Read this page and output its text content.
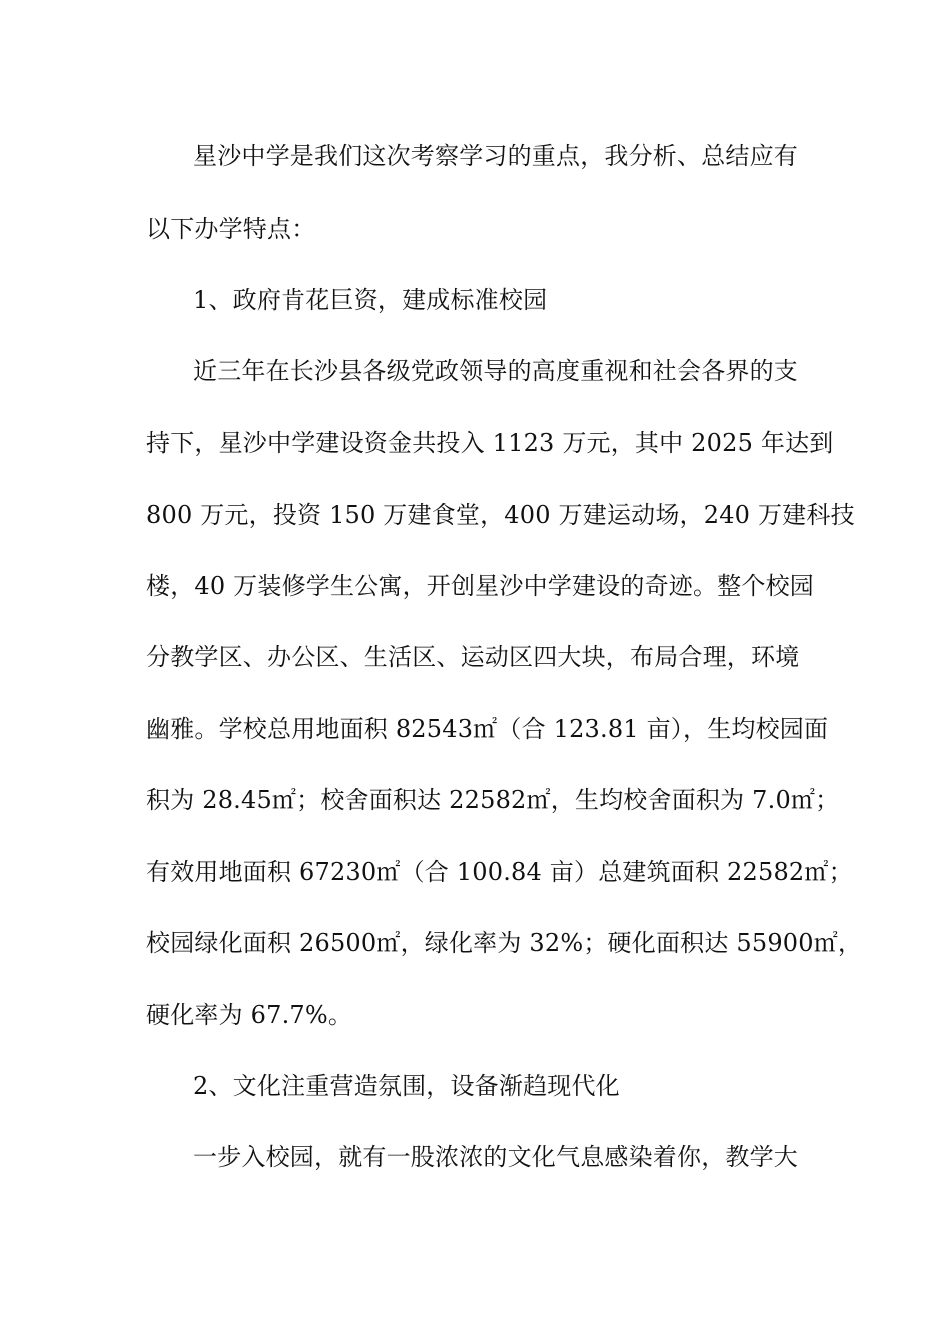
星沙中学是我们这次考察学习的重点，我分析、总结应有
以下办学特点：
1、政府肯花巨资，建成标准校园
近三年在长沙县各级党政领导的高度重视和社会各界的支
持下，星沙中学建设资金共投入 1123 万元，其中 2025 年达到
800 万元，投资 150 万建食堂，400 万建运动场，240 万建科技
楼，40 万装修学生公寓，开创星沙中学建设的奇迹。整个校园
分教学区、办公区、生活区、运动区四大块，布局合理，环境
幽雅。学校总用地面积 82543㎡（合 123.81 亩），生均校园面
积为 28.45㎡；校舍面积达 22582㎡，生均校舍面积为 7.0㎡；
有效用地面积 67230㎡（合 100.84 亩）总建筑面积 22582㎡；
校园绿化面积 26500㎡，绿化率为 32%；硬化面积达 55900㎡，
硬化率为 67.7%。
2、文化注重营造氛围，设备渐趋现代化
一步入校园，就有一股浓浓的文化气息感染着你，教学大
